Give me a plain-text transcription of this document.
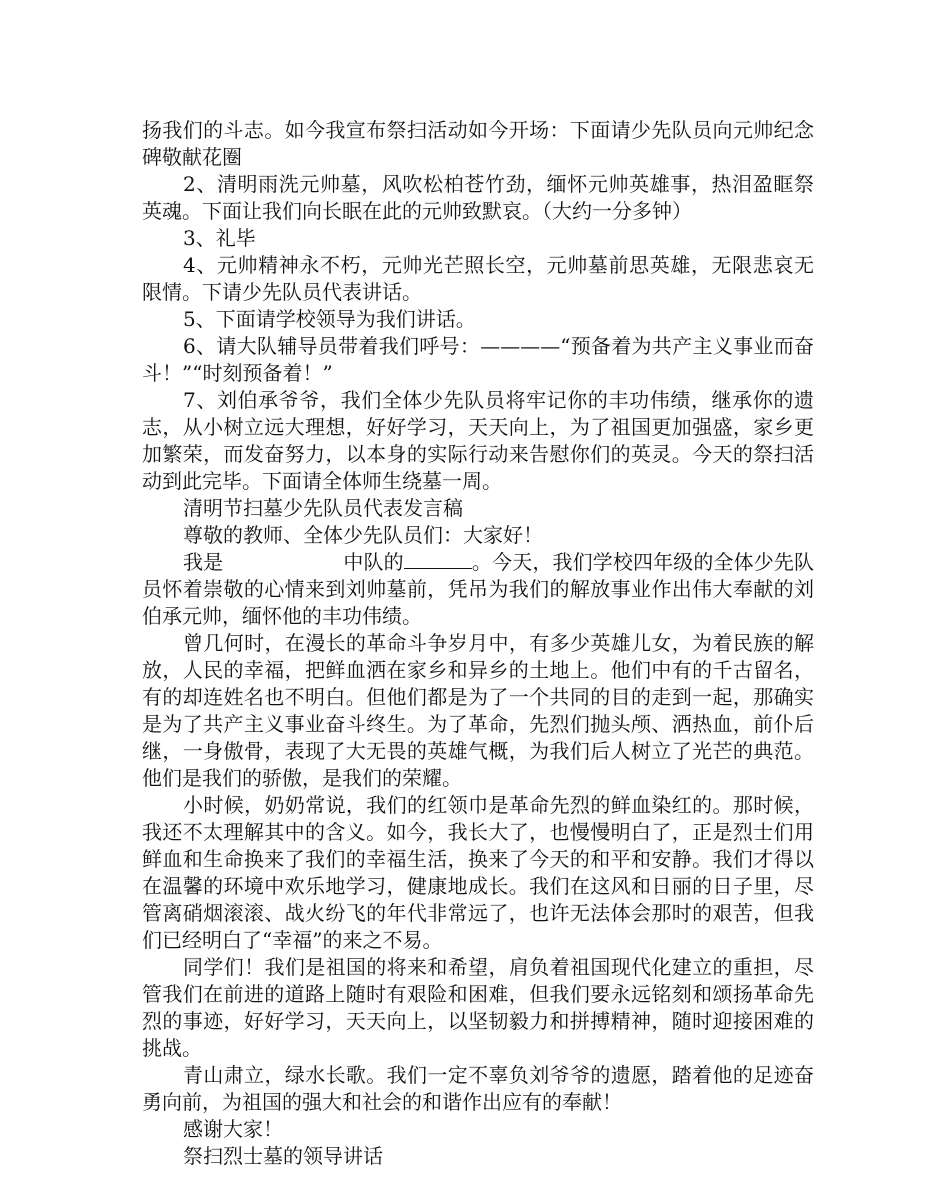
扬我们的斗志。如今我宣布祭扫活动如今开场：下面请少先队员向元帅纪念碑敬献花圈

2、清明雨洗元帅墓，风吹松柏苍竹劲，缅怀元帅英雄事，热泪盈眶祭英魂。下面让我们向长眠在此的元帅致默哀。（大约一分多钟）

3、礼毕

4、元帅精神永不朽，元帅光芒照长空，元帅墓前思英雄，无限悲哀无限情。下请少先队员代表讲话。

5、下面请学校领导为我们讲话。

6、请大队辅导员带着我们呼号：————“预备着为共产主义事业而奋斗！”“时刻预备着！”

7、刘伯承爷爷，我们全体少先队员将牢记你的丰功伟绩，继承你的遗志，从小树立远大理想，好好学习，天天向上，为了祖国更加强盛，家乡更加繁荣，而发奋努力，以本身的实际行动来告慰你们的英灵。今天的祭扫活动到此完毕。下面请全体师生绕墓一周。

清明节扫墓少先队员代表发言稿

尊敬的教师、全体少先队员们：大家好！

我是	中队的	。今天，我们学校四年级的全体少先队员怀着崇敬的心情来到刘帅墓前，凭吊为我们的解放事业作出伟大奉献的刘伯承元帅，缅怀他的丰功伟绩。

曾几何时，在漫长的革命斗争岁月中，有多少英雄儿女，为着民族的解放，人民的幸福，把鲜血洒在家乡和异乡的土地上。他们中有的千古留名，有的却连姓名也不明白。但他们都是为了一个共同的目的走到一起，那确实是为了共产主义事业奋斗终生。为了革命，先烈们抛头颅、洒热血，前仆后继，一身傲骨，表现了大无畏的英雄气概，为我们后人树立了光芒的典范。他们是我们的骄傲，是我们的荣耀。

小时候，奶奶常说，我们的红领巾是革命先烈的鲜血染红的。那时候，我还不太理解其中的含义。如今，我长大了，也慢慢明白了，正是烈士们用鲜血和生命换来了我们的幸福生活，换来了今天的和平和安静。我们才得以在温馨的环境中欢乐地学习，健康地成长。我们在这风和日丽的日子里，尽管离硝烟滚滚、战火纷飞的年代非常远了，也许无法体会那时的艰苦，但我们已经明白了“幸福”的来之不易。

同学们！我们是祖国的将来和希望，肩负着祖国现代化建立的重担，尽管我们在前进的道路上随时有艰险和困难，但我们要永远铭刻和颂扬革命先烈的事迹，好好学习，天天向上，以坚韧毅力和拼搏精神，随时迎接困难的挑战。

青山肃立，绿水长歌。我们一定不辜负刘爷爷的遗愿，踏着他的足迹奋勇向前，为祖国的强大和社会的和谐作出应有的奉献！

感谢大家！

祭扫烈士墓的领导讲话
